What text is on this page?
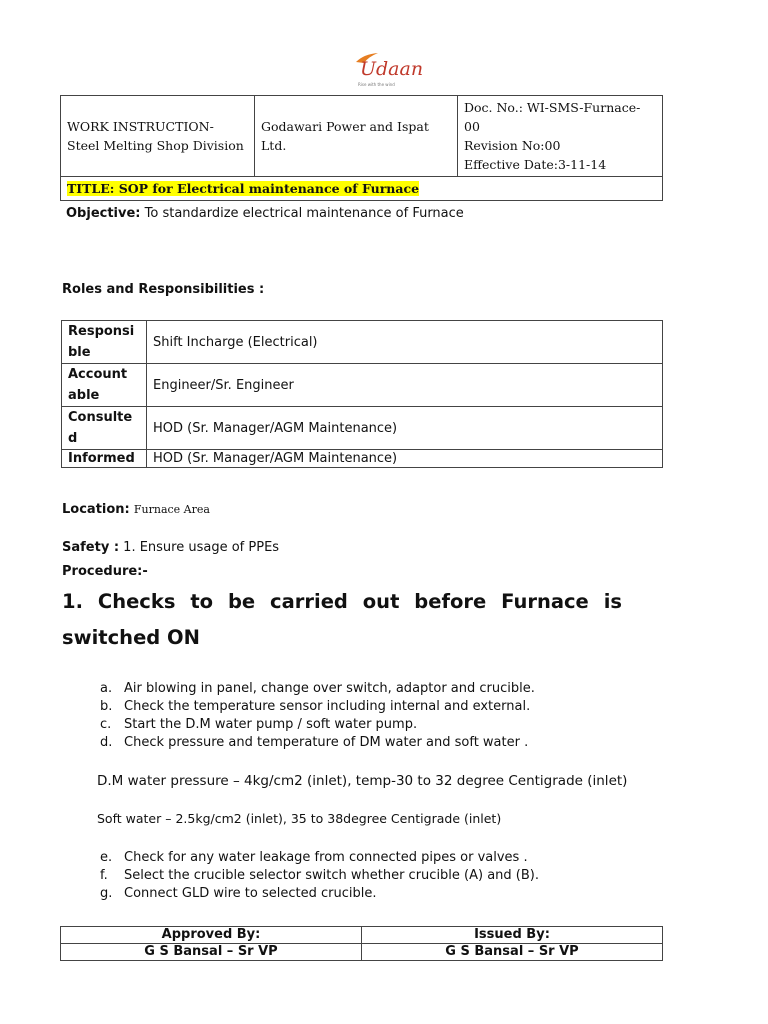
Udaan
Rise with the wind
WORK INSTRUCTION- Steel Melting Shop Division	Godawari Power and Ispat Ltd.	
Doc. No.: WI-SMS-Furnace-00
Revision No:00
Effective Date:3-11-14

TITLE: SOP for Electrical maintenance of Furnace
Objective: To standardize electrical maintenance of Furnace
Roles and Responsibilities :
Responsi ble	Shift Incharge (Electrical)
Account able	Engineer/Sr. Engineer
Consulte d	HOD (Sr. Manager/AGM Maintenance)
Informed	HOD (Sr. Manager/AGM Maintenance)
Location: Furnace Area
Safety : 1. Ensure usage of PPEs
Procedure:-
1. Checks to be carried out before Furnace is switched ON
a. Air blowing in panel, change over switch, adaptor and crucible.
b. Check the temperature sensor including internal and external.
c. Start the D.M water pump / soft water pump.
d. Check pressure and temperature of DM water and soft water .
D.M water pressure – 4kg/cm2 (inlet), temp-30 to 32 degree Centigrade (inlet)
Soft water – 2.5kg/cm2 (inlet), 35 to 38degree Centigrade (inlet)
e. Check for any water leakage from connected pipes or valves .
f. Select the crucible selector switch whether crucible (A) and (B).
g. Connect GLD wire to selected crucible.
Approved By:	Issued By:
G S Bansal – Sr VP	G S Bansal – Sr VP
